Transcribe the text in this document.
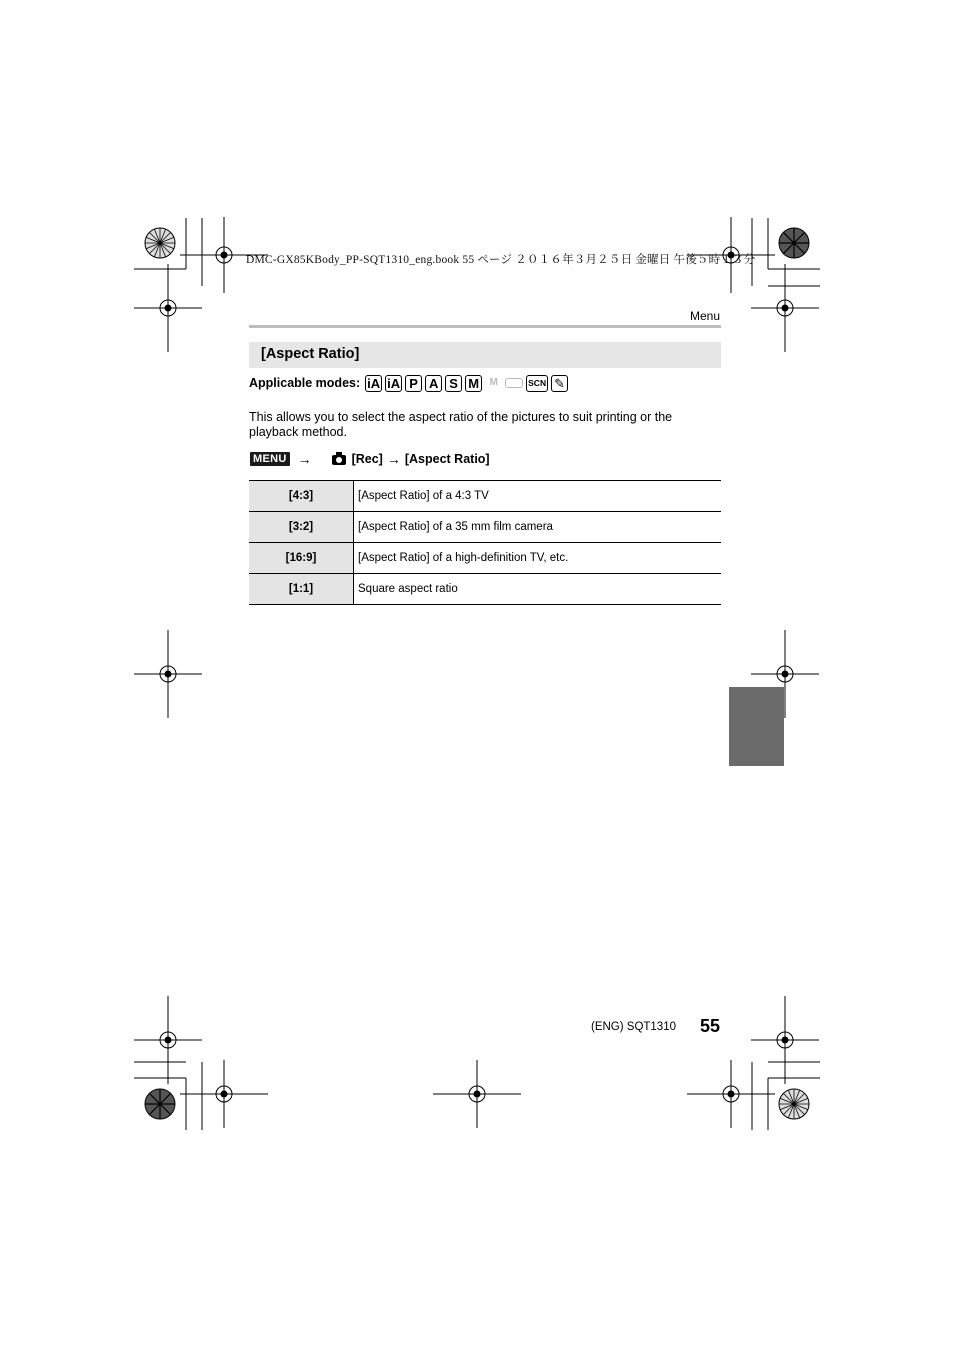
DMC-GX85KBody_PP-SQT1310_eng.book 55 ページ ２０１６年３月２５日 金曜日 午後５時１３分
Menu
[Aspect Ratio]
Applicable modes: iA iA P A S M	M	SCN ✎
This allows you to select the aspect ratio of the pictures to suit printing or the playback method.
MENU →	[Rec] → [Aspect Ratio]
[4:3]	[Aspect Ratio] of a 4:3 TV
[3:2]	[Aspect Ratio] of a 35 mm film camera
[16:9]	[Aspect Ratio] of a high-definition TV, etc.
[1:1]	Square aspect ratio
(ENG) SQT1310 55
